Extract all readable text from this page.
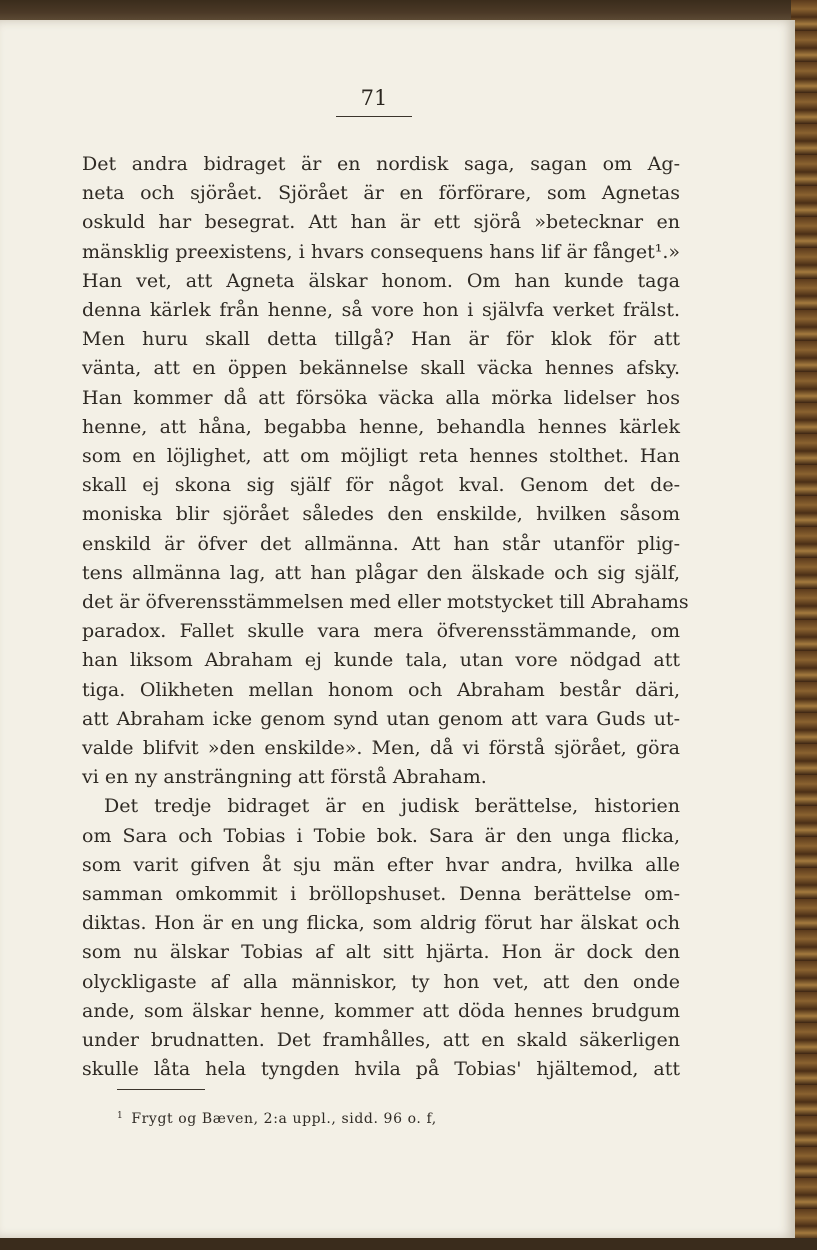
71
Det andra bidraget är en nordisk saga, sagan om Ag-
neta och sjörået. Sjörået är en förförare, som Agnetas
oskuld har besegrat. Att han är ett sjörå »betecknar en
mänsklig preexistens, i hvars consequens hans lif är fånget¹.»
Han vet, att Agneta älskar honom. Om han kunde taga
denna kärlek från henne, så vore hon i självfa verket frälst.
Men huru skall detta tillgå? Han är för klok för att
vänta, att en öppen bekännelse skall väcka hennes afsky.
Han kommer då att försöka väcka alla mörka lidelser hos
henne, att håna, begabba henne, behandla hennes kärlek
som en löjlighet, att om möjligt reta hennes stolthet. Han
skall ej skona sig själf för något kval. Genom det de-
moniska blir sjörået således den enskilde, hvilken såsom
enskild är öfver det allmänna. Att han står utanför plig-
tens allmänna lag, att han plågar den älskade och sig själf,
det är öfverensstämmelsen med eller motstycket till Abrahams
paradox. Fallet skulle vara mera öfverensstämmande, om
han liksom Abraham ej kunde tala, utan vore nödgad att
tiga. Olikheten mellan honom och Abraham består däri,
att Abraham icke genom synd utan genom att vara Guds ut-
valde blifvit »den enskilde». Men, då vi förstå sjörået, göra
vi en ny ansträngning att förstå Abraham.
Det tredje bidraget är en judisk berättelse, historien
om Sara och Tobias i Tobie bok. Sara är den unga flicka,
som varit gifven åt sju män efter hvar andra, hvilka alle
samman omkommit i bröllopshuset. Denna berättelse om-
diktas. Hon är en ung flicka, som aldrig förut har älskat och
som nu älskar Tobias af alt sitt hjärta. Hon är dock den
olyckligaste af alla människor, ty hon vet, att den onde
ande, som älskar henne, kommer att döda hennes brudgum
under brudnatten. Det framhålles, att en skald säkerligen
skulle låta hela tyngden hvila på Tobias' hjältemod, att
$^1$ Frygt og Bæven, 2:a uppl., sidd. 96 o. f,
